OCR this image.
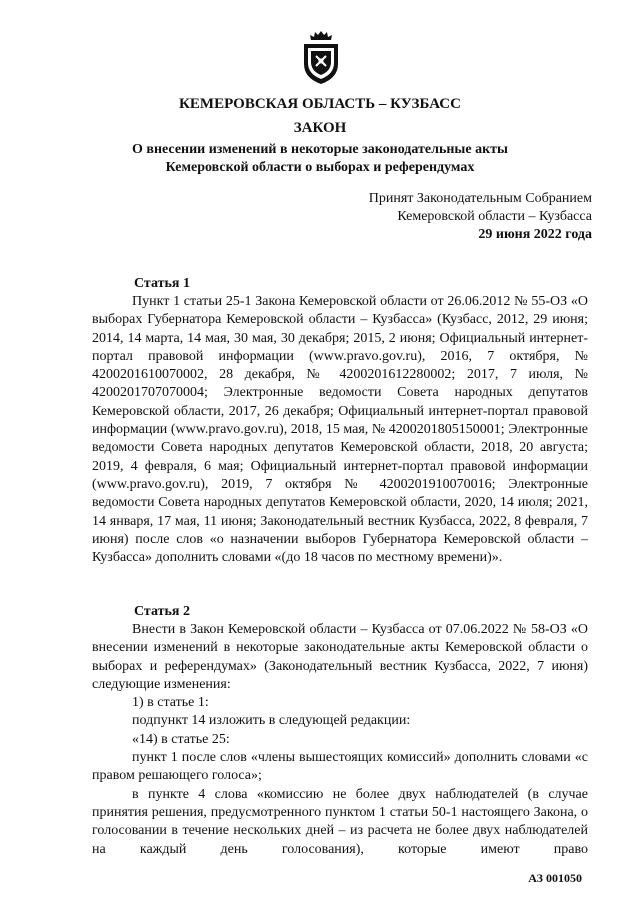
КЕМЕРОВСКАЯ ОБЛАСТЬ – КУЗБАСС
ЗАКОН
О внесении изменений в некоторые законодательные акты
Кемеровской области о выборах и референдумах
Принят Законодательным Собранием
Кемеровской области – Кузбасса
29 июня 2022 года
Статья 1

Пункт 1 статьи 25-1 Закона Кемеровской области от 26.06.2012 № 55-ОЗ «О выборах Губернатора Кемеровской области – Кузбасса» (Кузбасс, 2012, 29 июня; 2014, 14 марта, 14 мая, 30 мая, 30 декабря; 2015, 2 июня; Официальный интернет-портал правовой информации (www.pravo.gov.ru), 2016, 7 октября, № 4200201610070002, 28 декабря, № 4200201612280002; 2017, 7 июля, № 4200201707070004; Электронные ведомости Совета народных депутатов Кемеровской области, 2017, 26 декабря; Официальный интернет-портал правовой информации (www.pravo.gov.ru), 2018, 15 мая, № 4200201805150001; Электронные ведомости Совета народных депутатов Кемеровской области, 2018, 20 августа; 2019, 4 февраля, 6 мая; Официальный интернет-портал правовой информации (www.pravo.gov.ru), 2019, 7 октября № 4200201910070016; Электронные ведомости Совета народных депутатов Кемеровской области, 2020, 14 июля; 2021, 14 января, 17 мая, 11 июня; Законодательный вестник Кузбасса, 2022, 8 февраля, 7 июня) после слов «о назначении выборов Губернатора Кемеровской области – Кузбасса» дополнить словами «(до 18 часов по местному времени)».

Статья 2
Внести в Закон Кемеровской области – Кузбасса от 07.06.2022 № 58-ОЗ «О внесении изменений в некоторые законодательные акты Кемеровской области о выборах и референдумах» (Законодательный вестник Кузбасса, 2022, 7 июня) следующие изменения:
1) в статье 1:
подпункт 14 изложить в следующей редакции:
«14) в статье 25:
пункт 1 после слов «члены вышестоящих комиссий» дополнить словами «с правом решающего голоса»;
в пункте 4 слова «комиссию не более двух наблюдателей (в случае принятия решения, предусмотренного пунктом 1 статьи 50-1 настоящего Закона, о голосовании в течение нескольких дней – из расчета не более двух наблюдателей на каждый день голосования), которые имеют право
АЗ 001050
